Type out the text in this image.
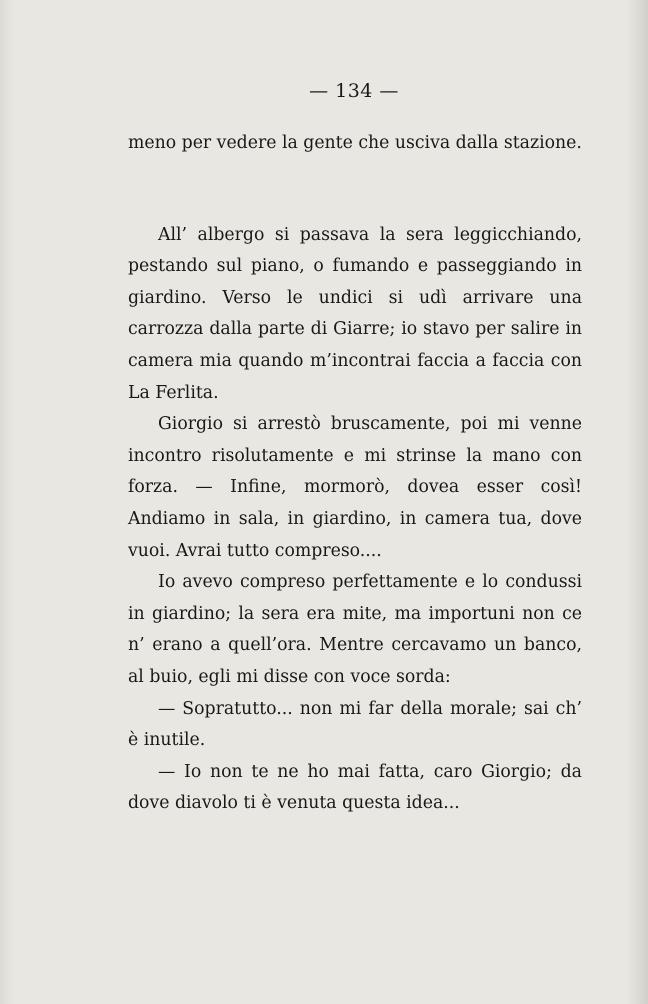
— 134 —

meno per vedere la gente che usciva dalla stazione.

All’ albergo si passava la sera leggicchiando, pestando sul piano, o fumando e passeggiando in giardino. Verso le undici si udì arrivare una carrozza dalla parte di Giarre; io stavo per salire in camera mia quando m’incontrai faccia a faccia con La Ferlita.

Giorgio si arrestò bruscamente, poi mi venne incontro risolutamente e mi strinse la mano con forza. — Infine, mormorò, dovea esser così! Andiamo in sala, in giardino, in camera tua, dove vuoi. Avrai tutto compreso....

Io avevo compreso perfettamente e lo condussi in giardino; la sera era mite, ma importuni non ce n’ erano a quell’ora. Mentre cercavamo un banco, al buio, egli mi disse con voce sorda:

— Sopratutto... non mi far della morale; sai ch’ è inutile.

— Io non te ne ho mai fatta, caro Giorgio; da dove diavolo ti è venuta questa idea...
